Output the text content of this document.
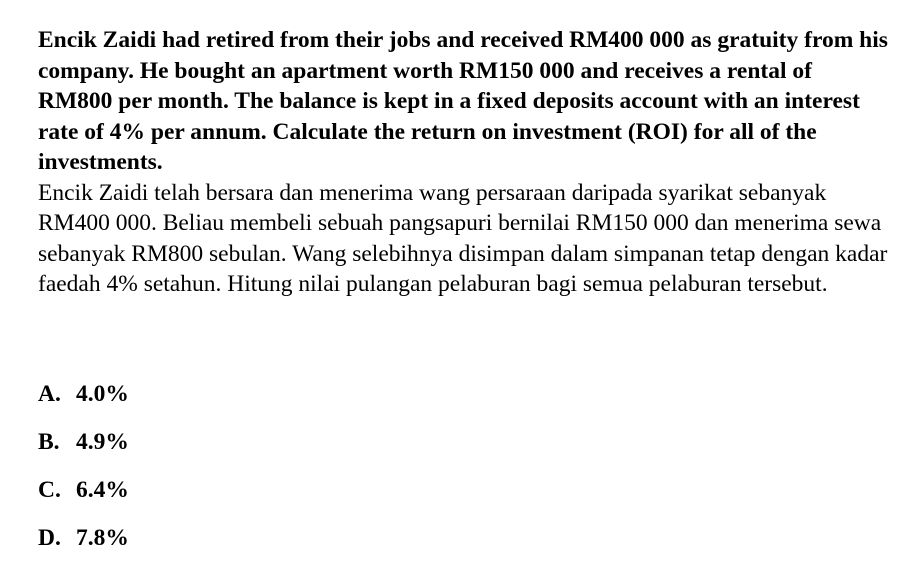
Encik Zaidi had retired from their jobs and received RM400 000 as gratuity from his company. He bought an apartment worth RM150 000 and receives a rental of RM800 per month. The balance is kept in a fixed deposits account with an interest rate of 4% per annum. Calculate the return on investment (ROI) for all of the investments.

Encik Zaidi telah bersara dan menerima wang persaraan daripada syarikat sebanyak RM400 000. Beliau membeli sebuah pangsapuri bernilai RM150 000 dan menerima sewa sebanyak RM800 sebulan. Wang selebihnya disimpan dalam simpanan tetap dengan kadar faedah 4% setahun. Hitung nilai pulangan pelaburan bagi semua pelaburan tersebut.

A. 4.0%
B. 4.9%
C. 6.4%
D. 7.8%
